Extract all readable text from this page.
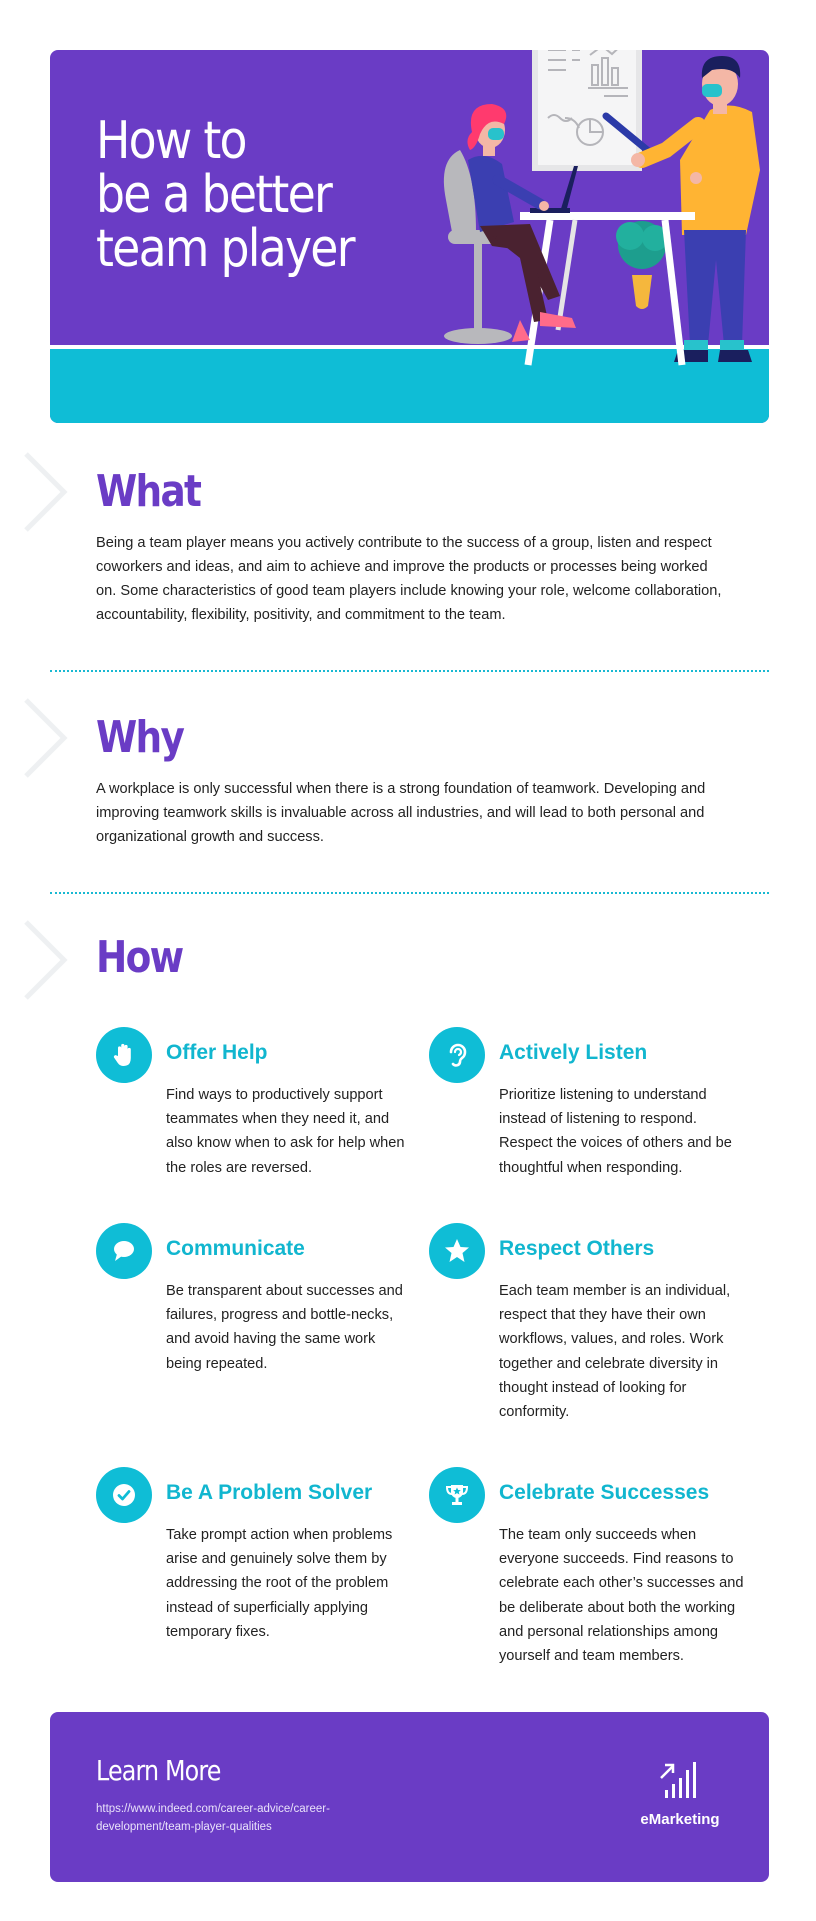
How to
be a better
team player
What

Being a team player means you actively contribute to the success of a group, listen and respect coworkers and ideas, and aim to achieve and improve the products or processes being worked on. Some characteristics of good team players include knowing your role, welcome collaboration, accountability, flexibility, positivity, and commitment to the team.

Why

A workplace is only successful when there is a strong foundation of teamwork. Developing and improving teamwork skills is invaluable across all industries, and will lead to both personal and organizational growth and success.

How
Offer Help
Find ways to productively support teammates when they need it, and also know when to ask for help when the roles are reversed.
Actively Listen
Prioritize listening to understand instead of listening to respond. Respect the voices of others and be thoughtful when responding.
Communicate
Be transparent about successes and failures, progress and bottle-necks, and avoid having the same work being repeated.
Respect Others
Each team member is an individual, respect that they have their own workflows, values, and roles. Work together and celebrate diversity in thought instead of looking for conformity.
Be A Problem Solver
Take prompt action when problems arise and genuinely solve them by addressing the root of the problem instead of superficially applying temporary fixes.
Celebrate Successes
The team only succeeds when everyone succeeds. Find reasons to celebrate each other’s successes and be deliberate about both the working and personal relationships among yourself and team members.
Learn More
https://www.indeed.com/career-advice/career-development/team-player-qualities	eMarketing
